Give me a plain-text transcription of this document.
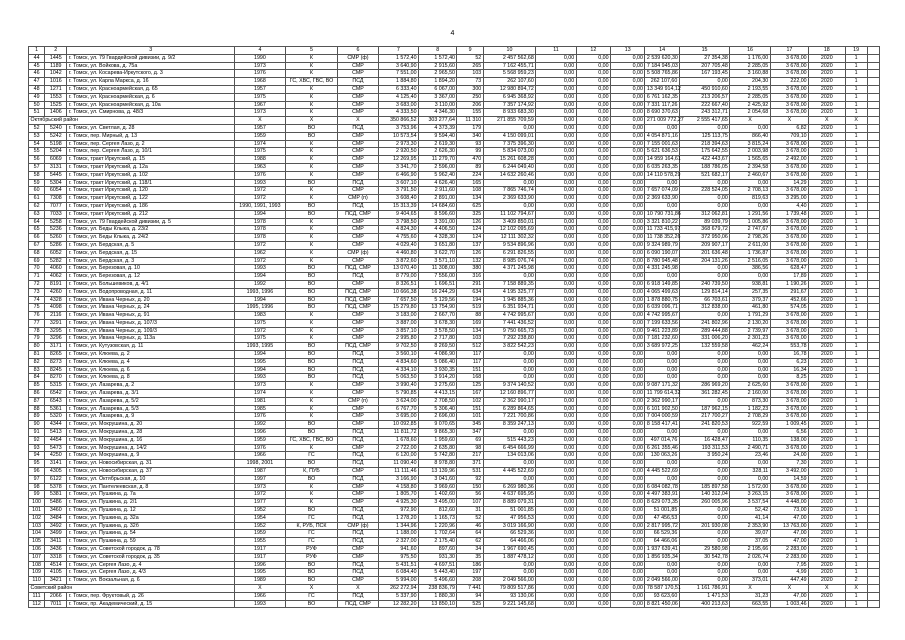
4
1	2	3	4	5	6	7	8	9	10	11	12	13	14	15	16	17	18	19	
44	1445	г. Томск, ул. 79 Гвардейской дивизии, д. 9/2	1990	К	СМР (ф)	1 572,40	1 572,40	52	2 457 562,68	0,00	0,00	0,00	2 539 620,30	27 354,38	1 176,00	3 678,00	2020	1	
45	1189	г. Томск, ул. Войкова, д. 75а	1973	К	СМР	3 640,90	2 915,60	265	7 162 455,71	0,00	0,00	0,00	7 184 945,03	207 705,48	2 285,05	3 678,00	2020	1	
46	1042	г. Томск, ул. Косарева-Иркутского, д. 3	1976	К	СМР	7 551,00	2 965,50	103	5 568 959,23	0,00	0,00	0,00	5 508 765,86	167 193,45	3 160,88	3 678,00	2020	1	
47	1016	г. Томск, ул. Карла Маркса, д. 16	1968	ГС, ХВС, ГВС, ВО	ПСД	1 884,80	1 894,20	73	262 107,60	0,00	0,00	0,00	262 107,60	0,00	204,30	222,00	2020	1	
48	1271	г. Томск, ул. Красноармейская, д. 65	1957	К	СМР	6 333,40	6 067,00	300	12 980 894,72	0,00	0,00	0,00	13 349 914,12	450 910,60	2 193,55	3 678,00	2020	1	
49	1553	г. Томск, ул. Красноармейская, д. 6	1975	К	СМР	4 125,40	3 367,00	250	6 945 368,92	0,00	0,00	0,00	6 761 162,35	213 206,57	2 285,05	3 678,00	2020	1	
50	1525	г. Томск, ул. Красноармейская, д. 10а	1967	К	СМР	3 683,00	3 110,00	206	7 357 174,92	0,00	0,00	0,00	7 331 117,26	222 667,40	2 425,92	3 678,00	2020	1	
51	1406	г. Томск, ул. Смирнова, д. 48/3	1973	К	СМР	4 333,50	4 346,30	155	8 933 683,30	0,00	0,00	0,00	8 690 370,63	243 312,71	2 054,68	3 678,00	2020	1	
Октябрьский район			Х	Х	Х	350 866,52	303 277,64	11 310	271 855 709,59	0,00	0,00	0,00	271 009 772,27	2 555 417,65	Х	Х	Х	Х	
52	5240	г. Томск, ул. Светлая, д. 28	1957	ВО	ПСД	3 753,96	4 373,39	179	0,00	0,00	0,00	0,00	0,00	0,00	0,00	6,82	2020	1	
53	5242	г. Томск, пер. Мирный, д. 13	1959	ВО	СМР	10 573,54	9 594,40	340	4 150 099,01	0,00	0,00	0,00	4 054 871,16	125 113,75	866,40	709,10	2020	1	
54	5198	г. Томск, пер. Сергея Лазо, д. 2	1974	К	СМР	2 973,30	2 619,30	93	7 375 396,30	0,00	0,00	0,00	7 155 001,63	218 394,63	3 815,24	3 678,00	2020	1	
55	5204	г. Томск, пер. Сергея Лазо, д. 10/1	1975	К	СМР	2 920,50	2 626,30	99	5 834 073,00	0,00	0,00	0,00	5 621 636,53	175 642,55	2 003,98	3 678,00	2020	1	
56	6069	г. Томск, тракт Иркутский, д. 15	1988	К	СМР	12 269,95	11 279,70	470	15 261 608,28	0,00	0,00	0,00	14 959 164,61	422 443,67	1 565,65	2 492,00	2020	1	
57	3131	г. Томск, тракт Иркутский, д. 12а	1963	К	СМР	3 341,70	2 596,00	89	6 244 049,40	0,00	0,00	0,00	6 035 263,35	188 786,05	2 394,58	3 678,00	2020	1	
58	5445	г. Томск, тракт Иркутский, д. 102	1976	К	СМР	6 466,90	5 962,40	224	14 632 260,46	0,00	0,00	0,00	14 110 578,29	521 682,17	2 460,67	3 678,00	2020	1	
59	5304	г. Томск, тракт Иркутский, д. 118/1	1993	ВО	ПСД	3 607,10	4 626,40	165	0,00	0,00	0,00	0,00	0,00	0,00	0,00	14,29	2020	1	
60	6054	г. Томск, тракт Иркутский, д. 120	1972	К	СМР	3 791,50	2 911,60	108	7 865 746,74	0,00	0,00	0,00	7 657 074,09	228 524,05	2 708,13	3 678,00	2020	1	
61	7308	г. Томск, тракт Иркутский, д. 122	1972	К	СМР (п)	3 608,40	2 891,00	134	2 369 633,90	0,00	0,00	0,00	2 369 633,90	0,00	819,63	3 295,00	2020	1	
62	7077	г. Томск, тракт Иркутский, д. 186	1990, 1991, 1993	ВО	ПСД	15 313,39	14 684,60	625	0,00	0,00	0,00	0,00	0,00	0,00	0,00	4,40	2020	1	
63	7033	г. Томск, тракт Иркутский, д. 212	1994	ВО	ПСД, СМР	9 404,65	8 596,60	325	11 102 794,67	0,00	0,00	0,00	10 790 731,86	312 062,81	1 291,56	1 739,48	2020	1	
64	5258	г. Томск, ул. 79 Гвардейской дивизии, д. 5	1978	К	СМР	3 798,50	3 391,00	126	3 409 850,01	0,00	0,00	0,00	3 321 810,22	89 039,79	1 005,86	3 678,00	2020	1	
65	5236	г. Томск, ул. Беды Клыка, д. 23/2	1978	К	СМР	4 824,30	4 406,50	124	12 102 095,69	0,00	0,00	0,00	11 733 415,97	368 679,72	2 747,67	3 678,00	2020	1	
66	5260	г. Томск, ул. Беды Клыка, д. 24/2	1978	К	СМР	4 755,60	4 328,30	124	12 111 302,32	0,00	0,00	0,00	11 738 352,26	372 950,06	2 798,26	3 678,00	2020	1	
67	5286	г. Томск, ул. Бердская, д. 5	1972	К	СМР	4 029,40	3 651,80	137	9 534 896,96	0,00	0,00	0,00	9 324 989,79	209 907,17	2 611,00	3 678,00	2020	1	
68	6052	г. Томск, ул. Бердская, д. 15	1962	К	СМР (ф)	4 460,80	3 622,70	126	6 291 826,55	0,00	0,00	0,00	6 090 190,07	201 636,48	1 736,87	3 678,00	2020	1	
69	5282	г. Томск, ул. Бердская, д. 3	1972	К	СМР	3 872,60	3 571,10	132	8 985 076,74	0,00	0,00	0,00	8 780 945,48	204 131,26	2 516,05	3 678,00	2020	1	
70	4060	г. Томск, ул. Березовая, д. 10	1993	ВО	ПСД, СМР	13 070,40	11 308,00	380	4 371 245,98	0,00	0,00	0,00	4 331 245,98	0,00	386,56	628,47	2020	1	
71	4062	г. Томск, ул. Березовая, д. 12	1994	ВО	ПСД	8 779,00	7 556,00	316	0,00	0,00	0,00	0,00	0,00	0,00	0,00	17,89	2020	1	
72	8191	г. Томск, ул. Большевиков, д. 4/1	1992	ВО	СМР	8 326,51	1 696,51	291	7 158 889,35	0,00	0,00	0,00	6 918 149,85	240 739,50	938,81	1 190,26	2020	1	
73	4260	г. Томск, ул. Водопроводная, д. 11	1993, 1996	ВО	ПСД, СМР	10 666,38	16 244,29	634	4 195 325,77	0,00	0,00	0,00	4 065 499,63	129 814,14	257,35	291,67	2020	1	
74	4328	г. Томск, ул. Ивана Черных, д. 20	1994	ВО	ПСД, СМР	7 657,50	5 129,56	194	1 945 885,36	0,00	0,00	0,00	1 878 880,75	66 703,61	379,37	452,66	2020	1	
75	4098	г. Томск, ул. Ивана Черных, д. 24	1995, 1996	ВО	ПСД, СМР	15 279,80	13 754,90	519	6 351 934,71	0,00	0,00	0,00	6 039 096,71	312 838,00	461,80	574,05	2020	1	
76	2116	г. Томск, ул. Ивана Черных, д. 91	1983	К	СМР	3 183,00	2 667,70	88	4 742 995,67	0,00	0,00	0,00	4 742 995,67	0,00	1 791,29	3 678,00	2020	1	
77	3291	г. Томск, ул. Ивана Черных, д. 107/3	1975	К	СМР	3 887,00	3 678,30	169	7 441 436,52	0,00	0,00	0,00	7 199 633,56	241 802,96	2 130,20	3 678,00	2020	1	
78	3295	г. Томск, ул. Ивана Черных, д. 109/3	1972	К	СМР	3 857,10	3 578,50	134	9 750 665,73	0,00	0,00	0,00	9 461 223,89	289 444,88	2 739,97	3 678,00	2020	1	
79	3296	г. Томск, ул. Ивана Черных, д. 113а	1975	К	СМР	2 995,80	2 717,80	103	7 292 238,80	0,00	0,00	0,00	7 181 232,60	331 006,20	2 301,23	3 678,00	2020	1	
80	3171	г. Томск, ул. Кутузовская, д. 11	1993, 1995	ВО	ПСД, СМР	9 702,50	8 269,50	512	3 822 542,23	0,00	0,00	0,00	3 689 972,25	132 559,58	462,24	553,78	2020	1	
81	8265	г. Томск, ул. Клюева, д. 2	1994	ВО	ПСД	3 560,10	4 086,90	117	0,00	0,00	0,00	0,00	0,00	0,00	0,00	16,78	2020	1	
82	8273	г. Томск, ул. Клюева, д. 4	1995	ВО	ПСД	4 834,60	5 086,40	117	0,00	0,00	0,00	0,00	0,00	0,00	0,00	6,23	2020	1	
83	8245	г. Томск, ул. Клюева, д. 6	1994	ВО	ПСД	4 334,10	3 930,35	151	0,00	0,00	0,00	0,00	0,00	0,00	0,00	16,34	2020	1	
84	8270	г. Томск, ул. Клюева, д. 8	1993	ВО	ПСД	5 063,50	3 914,20	168	0,00	0,00	0,00	0,00	0,00	0,00	0,00	8,25	2020	1	
85	5315	г. Томск, ул. Лазарева, д. 2	1973	К	СМР	3 990,40	3 275,60	125	9 374 140,52	0,00	0,00	0,00	9 087 171,32	286 969,20	2 625,60	3 678,00	2020	1	
86	6542	г. Томск, ул. Лазарева, д. 3/1	1974	К	СМР	5 790,85	4 413,15	167	12 160 896,77	0,00	0,00	0,00	11 799 614,32	361 282,45	2 160,00	3 678,00	2020	1	
87	6543	г. Томск, ул. Лазарева, д. 5/2	1981	К	СМР (п)	3 624,00	2 708,50	102	2 362 990,17	0,00	0,00	0,00	2 362 990,17	0,00	873,30	3 678,00	2020	1	
88	5361	г. Томск, ул. Лазарева, д. 5/3	1985	К	СМР	6 767,70	5 306,40	151	6 289 864,65	0,00	0,00	0,00	6 101 902,50	187 962,15	1 182,23	3 678,00	2020	1	
89	5320	г. Томск, ул. Лазарева, д. 9	1976	К	СМР	3 695,00	2 696,00	101	7 221 700,86	0,00	0,00	0,00	7 004 000,59	217 700,27	2 708,29	3 678,00	2020	1	
90	4344	г. Томск, ул. Мокрушина, д. 20	1992	ВО	СМР	10 092,85	9 070,65	345	8 359 247,13	0,00	0,00	0,00	8 158 417,41	241 820,53	922,59	1 009,45	2020	1	
91	5413	г. Томск, ул. Мокрушина, д. 28	1996	ВО	ПСД	11 811,72	9 865,30	347	0,00	0,00	0,00	0,00	0,00	0,00	0,00	6,56	2020	1	
92	4454	г. Томск, ул. Мокрушина, д. 16	1959	ГС, ХВС, ГВС, ВО	ПСД	1 678,60	1 959,60	69	515 443,23	0,00	0,00	0,00	497 014,76	16 428,47	110,35	138,00	2020	1	
93	5473	г. Томск, ул. Мокрушина, д. 14/2	1976	К	СМР	2 722,00	2 635,80	98	6 454 666,99	0,00	0,00	0,00	6 261 355,46	193 311,53	2 490,71	3 678,00	2020	1	
94	4250	г. Томск, ул. Мокрушина, д. 9	1966	ГС	ПСД	6 120,00	5 742,80	217	134 013,06	0,00	0,00	0,00	130 063,26	3 950,24	23,46	24,00	2020	1	
95	3141	г. Томск, ул. Новосибирская, д. 31	1998, 2001	ВО	ПСД	11 090,40	8 978,80	371	0,00	0,00	0,00	0,00	0,00	0,00	0,00	7,30	2020	1	
96	4305	г. Томск, ул. Новосибирская, д. 37	1987	К, ПУБ	СМР	11 111,46	13 139,96	531	4 445 522,69	0,00	0,00	0,00	4 445 522,69	0,00	328,11	3 492,00	2020	1	
97	6122	г. Томск, ул. Октябрьская, д. 10	1997	ВО	ПСД	3 166,90	3 041,60	92	0,00	0,00	0,00	0,00	0,00	0,00	0,00	14,59	2020	1	
98	5378	г. Томск, ул. Пантелеевская, д. 8	1973	К	СМР	4 158,80	3 969,60	150	6 269 980,36	0,00	0,00	0,00	6 084 082,78	185 897,58	1 572,00	3 678,00	2020	1	
99	5381	г. Томск, ул. Пушкина, д. 7а	1972	К	СМР	1 805,70	1 402,60	56	4 637 695,95	0,00	0,00	0,00	4 497 383,91	140 312,04	3 263,15	3 678,00	2020	1	
100	5486	г. Томск, ул. Пушкина, д. 2/1	1977	К	СМР	4 925,30	3 495,00	107	8 889 079,31	0,00	0,00	0,00	8 629 073,35	260 005,96	3 537,54	4 448,00	2020	1	
101	3460	г. Томск, ул. Пушкина, д. 12	1952	ВО	ПСД	972,90	812,60	31	51 001,85	0,00	0,00	0,00	51 001,85	0,00	52,42	73,00	2020	1	
102	3484	г. Томск, ул. Пушкина, д. 32а	1954	ГС	ПСД	1 278,20	1 165,73	52	47 956,53	0,00	0,00	0,00	47 456,53	0,00	41,14	47,00	2020	1	
103	3492	г. Томск, ул. Пушкина, д. 32б	1952	К, РУБ, ПСК	СМР (ф)	1 344,96	1 220,96	46	3 019 166,90	0,00	0,00	0,00	2 817 995,72	201 930,08	2 353,90	13 763,00	2020	1	
104	3499	г. Томск, ул. Пушкина, д. 54	1959	ГС	ПСД	1 188,00	1 702,64	64	66 529,36	0,00	0,00	0,00	66 529,36	0,00	39,07	47,00	2020	1	
105	3411	г. Томск, ул. Пушкина, д. 59	1955	ГС	ПСД	2 327,00	2 175,40	62	64 466,06	0,00	0,00	0,00	64 466,06	0,00	37,05	47,00	2020	1	
106	3436	г. Томск, ул. Советской городок, д. 78	1917	РУФ	СМР	941,60	897,60	34	1 967 690,45	0,00	0,00	0,00	1 937 639,41	29 580,98	2 195,66	2 283,00	2020	1	
107	3318	г. Томск, ул. Советской городок, д. 35	1917	РУФ	СМР	975,50	931,30	35	1 887 478,12	0,00	0,00	0,00	1 856 935,34	30 542,78	2 026,74	2 283,00	2020	1	
108	4514	г. Томск, ул. Сергея Лазо, д. 4	1996	ВО	ПСД	5 431,51	4 697,51	186	0,00	0,00	0,00	0,00	0,00	0,00	0,00	7,95	2020	1	
109	4105	г. Томск, ул. Сергея Лазо, д. 4/3	1995	ВО	ПСД	6 084,40	5 443,40	197	0,00	0,00	0,00	0,00	0,00	0,00	0,00	4,99	2020	1	
110	3421	г. Томск, ул. Вокзальная, д. 6	1989	ВО	СМР	5 994,00	5 496,60	208	2 049 566,00	0,00	0,00	0,00	2 049 566,00	0,00	373,01	447,49	2020	2	
Советский район			Х	Х	Х	262 272,94	238 836,79	7 441	79 809 517,86	0,00	0,00	0,00	78 587 170,51	1 161 786,91	Х	Х	Х	Х	
111	2066	г. Томск, пер. Фруктовый, д. 26	1966	ГС	ПСД	5 337,90	1 880,30	94	93 130,06	0,00	0,00	0,00	93 623,60	1 471,53	31,23	47,00	2020	1	
112	7011	г. Томск, пр. Академический, д. 15	1993	ВО	ПСД, СМР	12 282,20	13 850,10	525	9 221 145,68	0,00	0,00	0,00	8 821 450,06	400 213,63	663,55	1 003,46	2020	1	
